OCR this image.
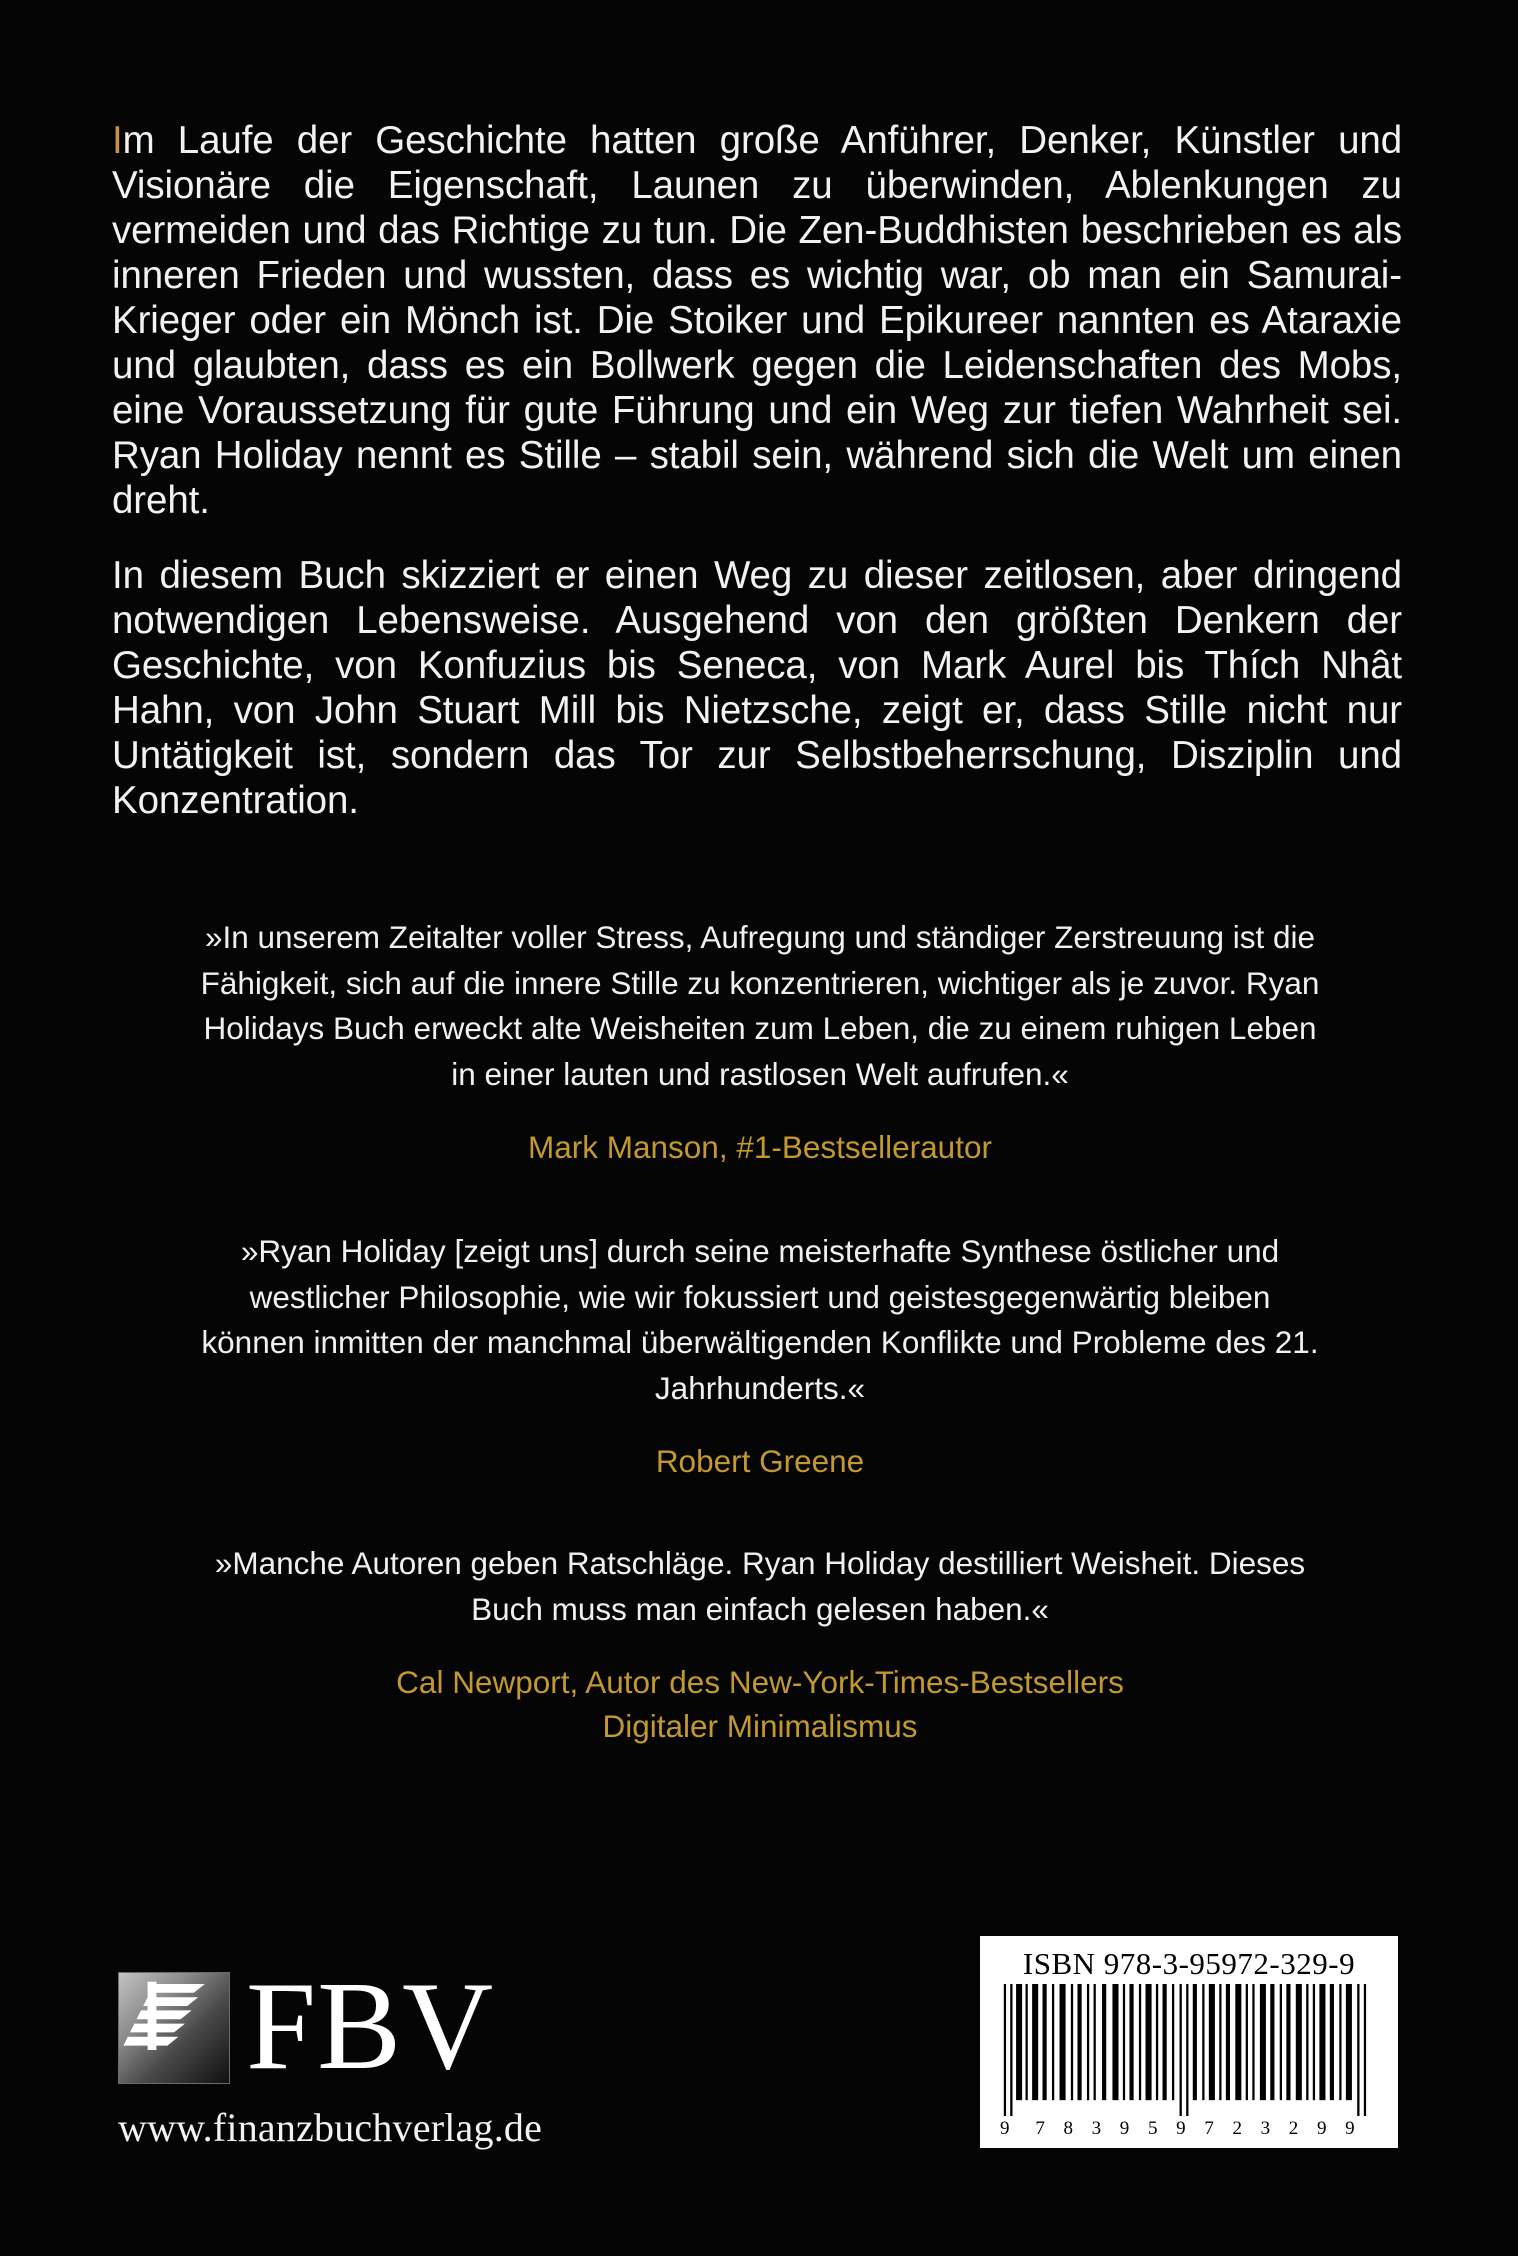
Im Laufe der Geschichte hatten große Anführer, Denker, Künstler und Visionäre die Eigenschaft, Launen zu überwinden, Ablenkungen zu vermeiden und das Richtige zu tun. Die Zen-Buddhisten beschrieben es als inneren Frieden und wussten, dass es wichtig war, ob man ein Samurai-Krieger oder ein Mönch ist. Die Stoiker und Epikureer nannten es Ataraxie und glaubten, dass es ein Bollwerk gegen die Leidenschaften des Mobs, eine Voraussetzung für gute Führung und ein Weg zur tiefen Wahrheit sei. Ryan Holiday nennt es Stille – stabil sein, während sich die Welt um einen dreht.

In diesem Buch skizziert er einen Weg zu dieser zeitlosen, aber dringend notwendigen Lebensweise. Ausgehend von den größten Denkern der Geschichte, von Konfuzius bis Seneca, von Mark Aurel bis Thích Nhât Hahn, von John Stuart Mill bis Nietzsche, zeigt er, dass Stille nicht nur Untätigkeit ist, sondern das Tor zur Selbstbeherrschung, Disziplin und Konzentration.

»In unserem Zeitalter voller Stress, Aufregung und ständiger Zerstreuung ist die Fähigkeit, sich auf die innere Stille zu konzentrieren, wichtiger als je zuvor. Ryan Holidays Buch erweckt alte Weisheiten zum Leben, die zu einem ruhigen Leben in einer lauten und rastlosen Welt aufrufen.«

Mark Manson, #1-Bestsellerautor

»Ryan Holiday [zeigt uns] durch seine meisterhafte Synthese östlicher und westlicher Philosophie, wie wir fokussiert und geistesgegenwärtig bleiben können inmitten der manchmal überwältigenden Konflikte und Probleme des 21. Jahrhunderts.«

Robert Greene

»Manche Autoren geben Ratschläge. Ryan Holiday destilliert Weisheit. Dieses Buch muss man einfach gelesen haben.«

Cal Newport, Autor des New-York-Times-Bestsellers
Digitaler Minimalismus

FBV
www.finanzbuchverlag.de
ISBN 978-3-95972-329-9
9	7 8 3 9 5 9 7 2 3 2 9 9
